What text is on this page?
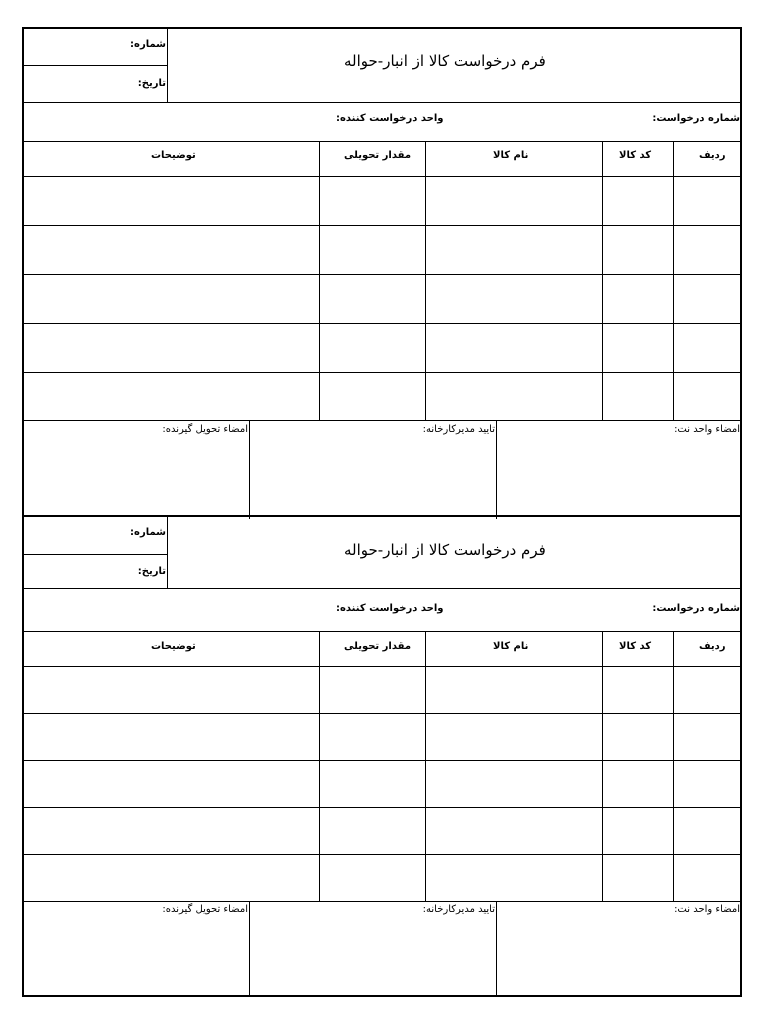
شماره:
تاریخ:
فرم درخواست کالا از انبار-حواله
شماره درخواست:
واحد درخواست کننده:
ردیف
کد کالا
نام کالا
مقدار تحویلی
توضیحات
امضاء واحد نت:
تایید مدیرکارخانه:
امضاء تحویل گیرنده:
شماره:
تاریخ:
فرم درخواست کالا از انبار-حواله
شماره درخواست:
واحد درخواست کننده:
ردیف
کد کالا
نام کالا
مقدار تحویلی
توضیحات
امضاء واحد نت:
تایید مدیرکارخانه:
امضاء تحویل گیرنده:
